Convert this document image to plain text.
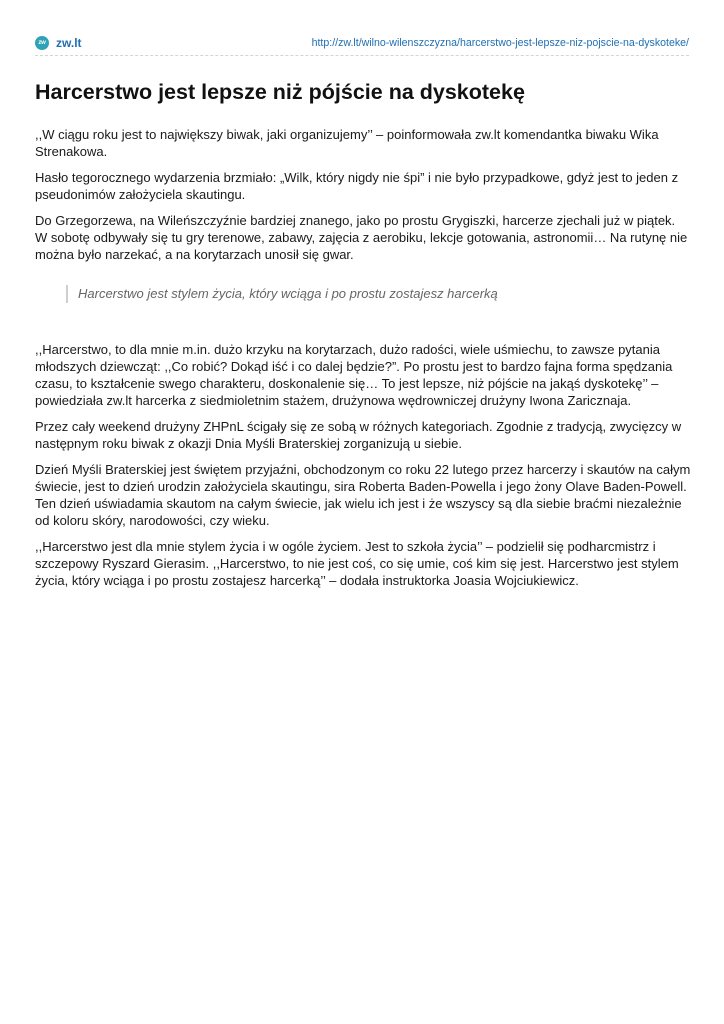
zw zw.lt	http://zw.lt/wilno-wilenszczyzna/harcerstwo-jest-lepsze-niz-pojscie-na-dyskoteke/
Harcerstwo jest lepsze niż pójście na dyskotekę

,,W ciągu roku jest to największy biwak, jaki organizujemy’’ – poinformowała zw.lt komendantka biwaku Wika Strenakowa.

Hasło tegorocznego wydarzenia brzmiało: „Wilk, który nigdy nie śpi” i nie było przypadkowe, gdyż jest to jeden z pseudonimów założyciela skautingu.

Do Grzegorzewa, na Wileńszczyźnie bardziej znanego, jako po prostu Grygiszki, harcerze zjechali już w piątek. W sobotę odbywały się tu gry terenowe, zabawy, zajęcia z aerobiku, lekcje gotowania, astronomii… Na rutynę nie można było narzekać, a na korytarzach unosił się gwar.

Harcerstwo jest stylem życia, który wciąga i po prostu zostajesz harcerką

,,Harcerstwo, to dla mnie m.in. dużo krzyku na korytarzach, dużo radości, wiele uśmiechu, to zawsze pytania młodszych dziewcząt: ,,Co robić? Dokąd iść i co dalej będzie?”. Po prostu jest to bardzo fajna forma spędzania czasu, to kształcenie swego charakteru, doskonalenie się… To jest lepsze, niż pójście na jakąś dyskotekę’’ – powiedziała zw.lt harcerka z siedmioletnim stażem, drużynowa wędrowniczej drużyny Iwona Zaricznaja.

Przez cały weekend drużyny ZHPnL ścigały się ze sobą w różnych kategoriach. Zgodnie z tradycją, zwycięzcy w następnym roku biwak z okazji Dnia Myśli Braterskiej zorganizują u siebie.

Dzień Myśli Braterskiej jest świętem przyjaźni, obchodzonym co roku 22 lutego przez harcerzy i skautów na całym świecie, jest to dzień urodzin założyciela skautingu, sira Roberta Baden-Powella i jego żony Olave Baden-Powell. Ten dzień uświadamia skautom na całym świecie, jak wielu ich jest i że wszyscy są dla siebie braćmi niezależnie od koloru skóry, narodowości, czy wieku.

,,Harcerstwo jest dla mnie stylem życia i w ogóle życiem. Jest to szkoła życia’’ – podzielił się podharcmistrz i szczepowy Ryszard Gierasim. ,,Harcerstwo, to nie jest coś, co się umie, coś kim się jest. Harcerstwo jest stylem życia, który wciąga i po prostu zostajesz harcerką’’ – dodała instruktorka Joasia Wojciukiewicz.
